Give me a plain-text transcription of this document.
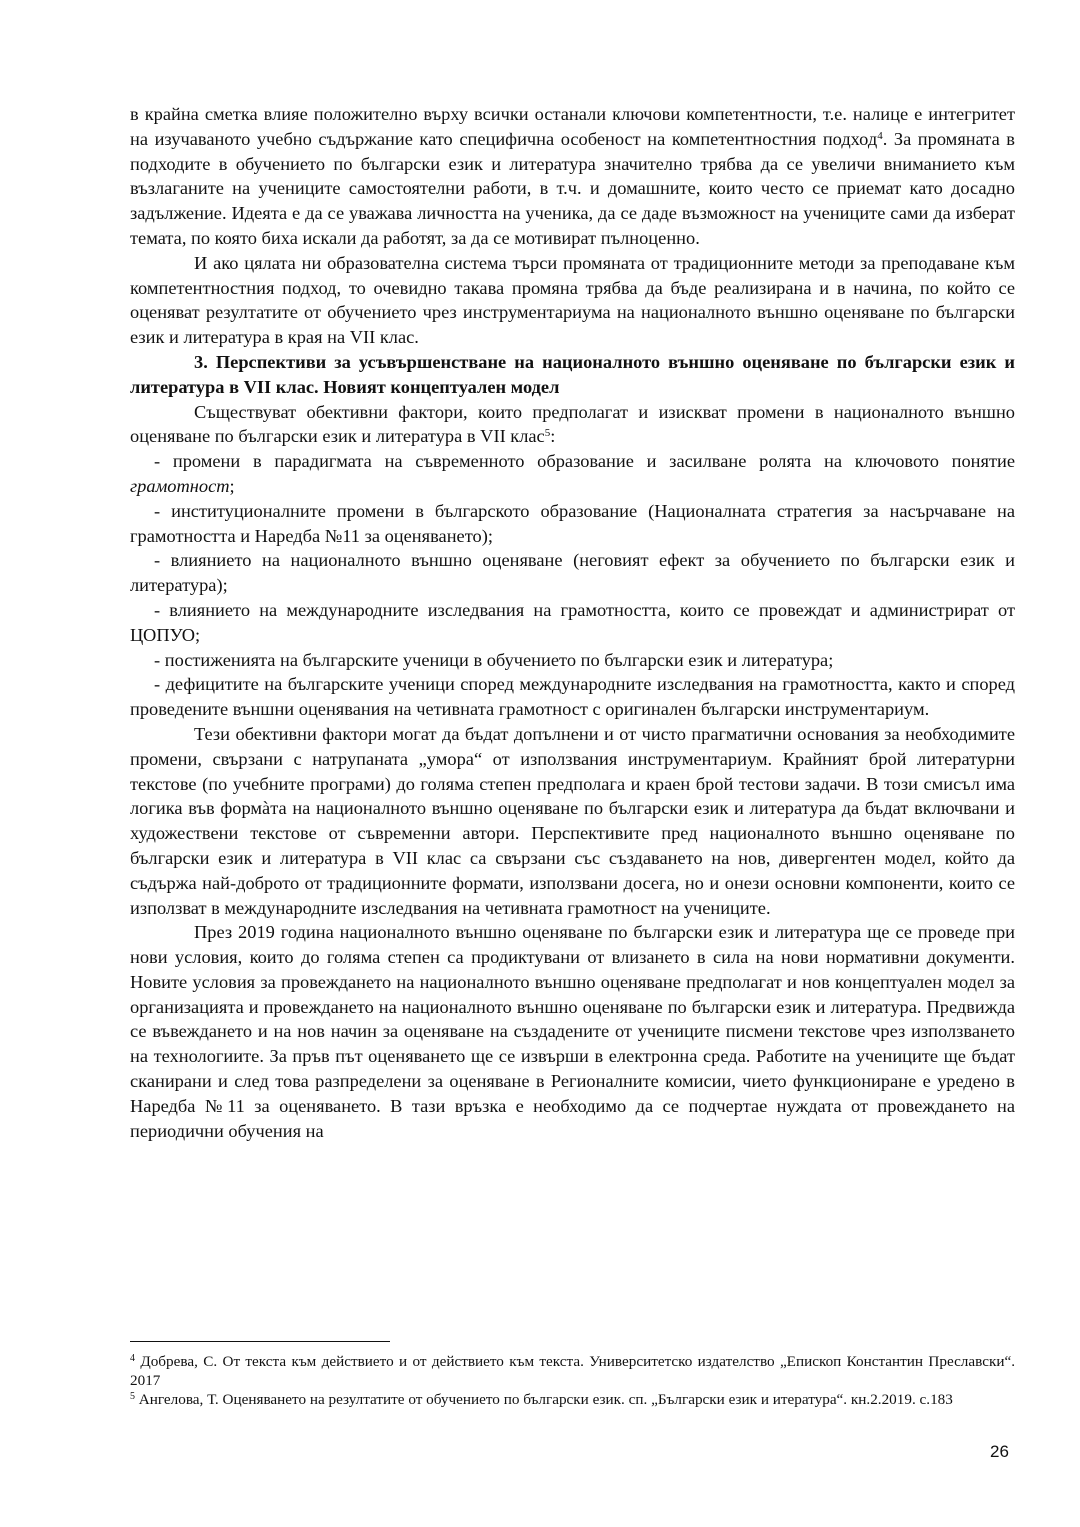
в крайна сметка влияе положително върху всички останали ключови компетентности, т.е. налице е интегритет на изучаваното учебно съдържание като специфична особеност на компетентностния подход$^4$. За промяната в подходите в обучението по български език и литература значително трябва да се увеличи вниманието към възлаганите на учениците самостоятелни работи, в т.ч. и домашните, които често се приемат като досадно задължение. Идеята е да се уважава личността на ученика, да се даде възможност на учениците сами да изберат темата, по която биха искали да работят, за да се мотивират пълноценно.

И ако цялата ни образователна система търси промяната от традиционните методи за преподаване към компетентностния подход, то очевидно такава промяна трябва да бъде реализирана и в начина, по който се оценяват резултатите от обучението чрез инструментариума на националното външно оценяване по български език и литература в края на VII клас.

3. Перспективи за усъвършенстване на националното външно оценяване по български език и литература в VII клас. Новият концептуален модел

Съществуват обективни фактори, които предполагат и изискват промени в националното външно оценяване по български език и литература в VII клас$^5$:

- промени в парадигмата на съвременното образование и засилване ролята на ключовото понятие грамотност;

- институционалните промени в българското образование (Националната стратегия за насърчаване на грамотността и Наредба №11 за оценяването);

- влиянието на националното външно оценяване (неговият ефект за обучението по български език и литература);

- влиянието на международните изследвания на грамотността, които се провеждат и администрират от ЦОПУО;

- постиженията на българските ученици в обучението по български език и литература;

- дефицитите на българските ученици според международните изследвания на грамотността, както и според проведените външни оценявания на четивната грамотност с оригинален български инструментариум.

Тези обективни фактори могат да бъдат допълнени и от чисто прагматични основания за необходимите промени, свързани с натрупаната „умора“ от използвания инструментариум. Крайният брой литературни текстове (по учебните програми) до голяма степен предполага и краен брой тестови задачи. В този смисъл има логика във формàта на националното външно оценяване по български език и литература да бъдат включвани и художествени текстове от съвременни автори. Перспективите пред националното външно оценяване по български език и литература в VII клас са свързани със създаването на нов, дивергентен модел, който да съдържа най-доброто от традиционните формати, използвани досега, но и онези основни компоненти, които се използват в международните изследвания на четивната грамотност на учениците.

През 2019 година националното външно оценяване по български език и литература ще се проведе при нови условия, които до голяма степен са продиктувани от влизането в сила на нови нормативни документи. Новите условия за провеждането на националното външно оценяване предполагат и нов концептуален модел за организацията и провеждането на националното външно оценяване по български език и литература. Предвижда се въвеждането и на нов начин за оценяване на създадените от учениците писмени текстове чрез използването на технологиите. За пръв път оценяването ще се извърши в електронна среда. Работите на учениците ще бъдат сканирани и след това разпределени за оценяване в Регионалните комисии, чието функциониране е уредено в Наредба №11 за оценяването. В тази връзка е необходимо да се подчертае нуждата от провеждането на периодични обучения на

$^4$ Добрева, С. От текста към действието и от действието към текста. Университетско издателство „Епископ Константин Преславски“. 2017

$^5$ Ангелова, Т. Оценяването на резултатите от обучението по български език. сп. „Български език и итература“. кн.2.2019. с.183

26
